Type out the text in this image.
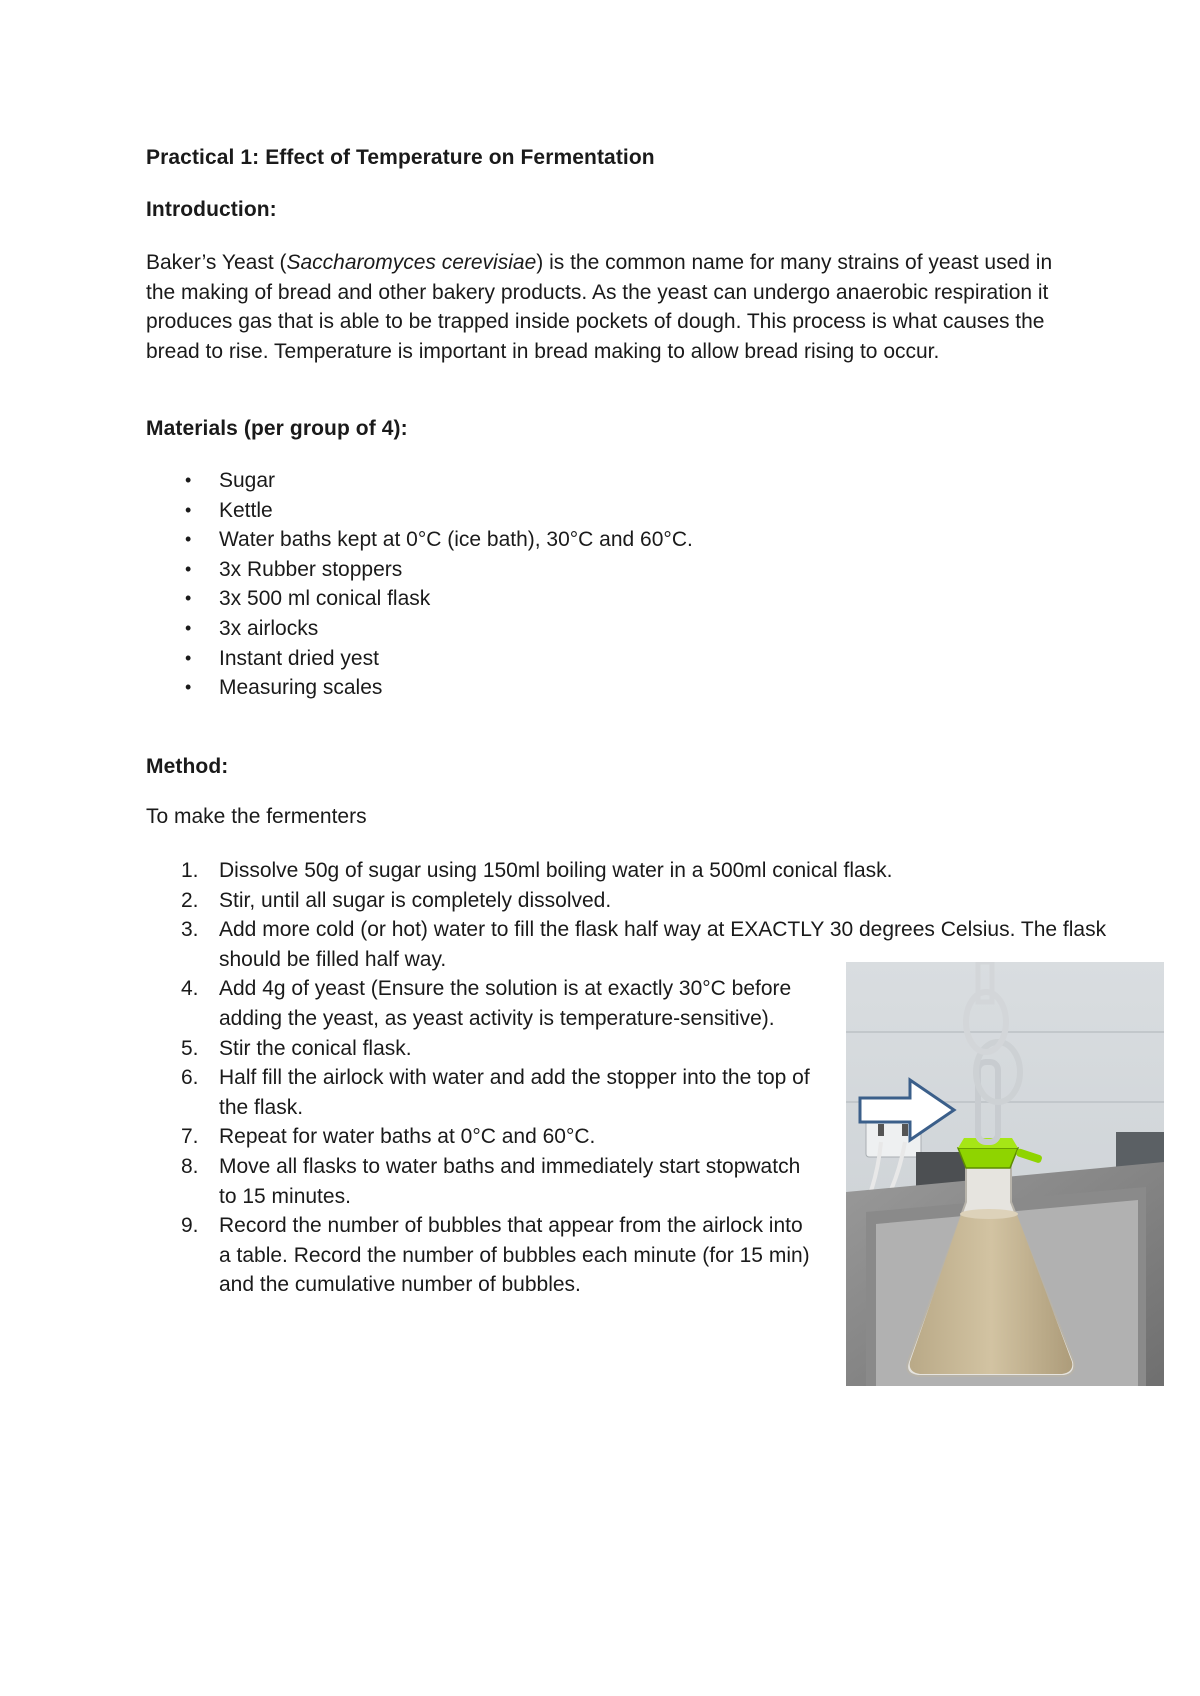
Practical 1: Effect of Temperature on Fermentation
Introduction:

Baker’s Yeast (Saccharomyces cerevisiae) is the common name for many strains of yeast used in the making of bread and other bakery products. As the yeast can undergo anaerobic respiration it produces gas that is able to be trapped inside pockets of dough. This process is what causes the bread to rise. Temperature is important in bread making to allow bread rising to occur.

Materials (per group of 4):
• Sugar
• Kettle
• Water baths kept at 0°C (ice bath), 30°C and 60°C.
• 3x Rubber stoppers
• 3x 500 ml conical flask
• 3x airlocks
• Instant dried yest
• Measuring scales
Method:

To make the fermenters

1. Dissolve 50g of sugar using 150ml boiling water in a 500ml conical flask.
2. Stir, until all sugar is completely dissolved.
3. Add more cold (or hot) water to fill the flask half way at EXACTLY 30 degrees Celsius. The flask should be filled half way.
4. Add 4g of yeast (Ensure the solution is at exactly 30°C before adding the yeast, as yeast activity is temperature-sensitive).
5. Stir the conical flask.
6. Half fill the airlock with water and add the stopper into the top of the flask.
7. Repeat for water baths at 0°C and 60°C.
8. Move all flasks to water baths and immediately start stopwatch to 15 minutes.
9. Record the number of bubbles that appear from the airlock into a table. Record the number of bubbles each minute (for 15 min) and the cumulative number of bubbles.
